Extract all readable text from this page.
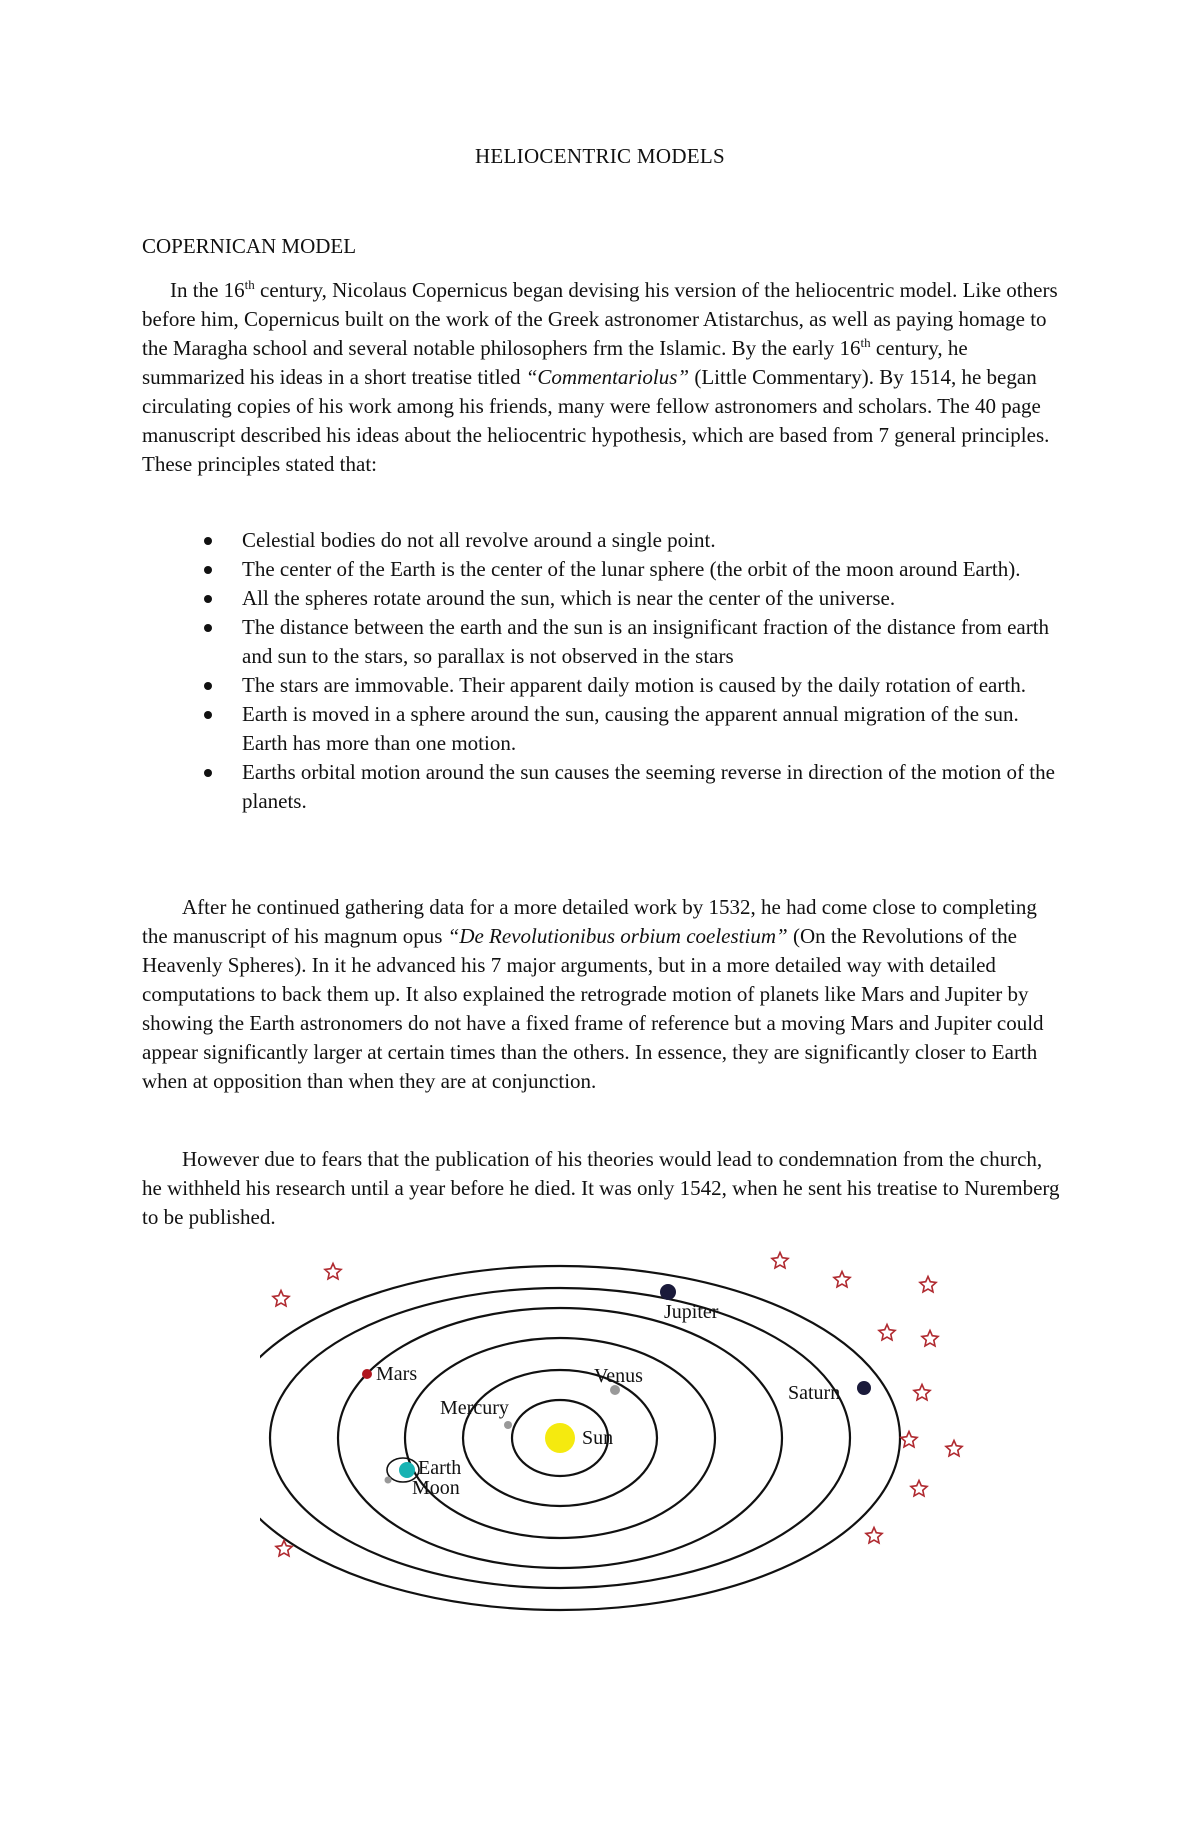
HELIOCENTRIC MODELS
COPERNICAN MODEL

In the 16th century, Nicolaus Copernicus began devising his version of the heliocentric model. Like others before him, Copernicus built on the work of the Greek astronomer Atistarchus, as well as paying homage to the Maragha school and several notable philosophers frm the Islamic. By the early 16th century, he summarized his ideas in a short treatise titled “Commentariolus” (Little Commentary). By 1514, he began circulating copies of his work among his friends, many were fellow astronomers and scholars. The 40 page manuscript described his ideas about the heliocentric hypothesis, which are based from 7 general principles. These principles stated that:

Celestial bodies do not all revolve around a single point.
The center of the Earth is the center of the lunar sphere (the orbit of the moon around Earth).
All the spheres rotate around the sun, which is near the center of the universe.
The distance between the earth and the sun is an insignificant fraction of the distance from earth and sun to the stars, so parallax is not observed in the stars
The stars are immovable. Their apparent daily motion is caused by the daily rotation of earth.
Earth is moved in a sphere around the sun, causing the apparent annual migration of the sun. Earth has more than one motion.
Earths orbital motion around the sun causes the seeming reverse in direction of the motion of the planets.

After he continued gathering data for a more detailed work by 1532, he had come close to completing the manuscript of his magnum opus “De Revolutionibus orbium coelestium” (On the Revolutions of the Heavenly Spheres). In it he advanced his 7 major arguments, but in a more detailed way with detailed computations to back them up. It also explained the retrograde motion of planets like Mars and Jupiter by showing the Earth astronomers do not have a fixed frame of reference but a moving Mars and Jupiter could appear significantly larger at certain times than the others. In essence, they are significantly closer to Earth when at opposition than when they are at conjunction.

However due to fears that the publication of his theories would lead to condemnation from the church, he withheld his research until a year before he died. It was only 1542, when he sent his treatise to Nuremberg to be published.

Sun
Mercury
Venus
Earth
Moon
Mars
Jupiter
Saturn
